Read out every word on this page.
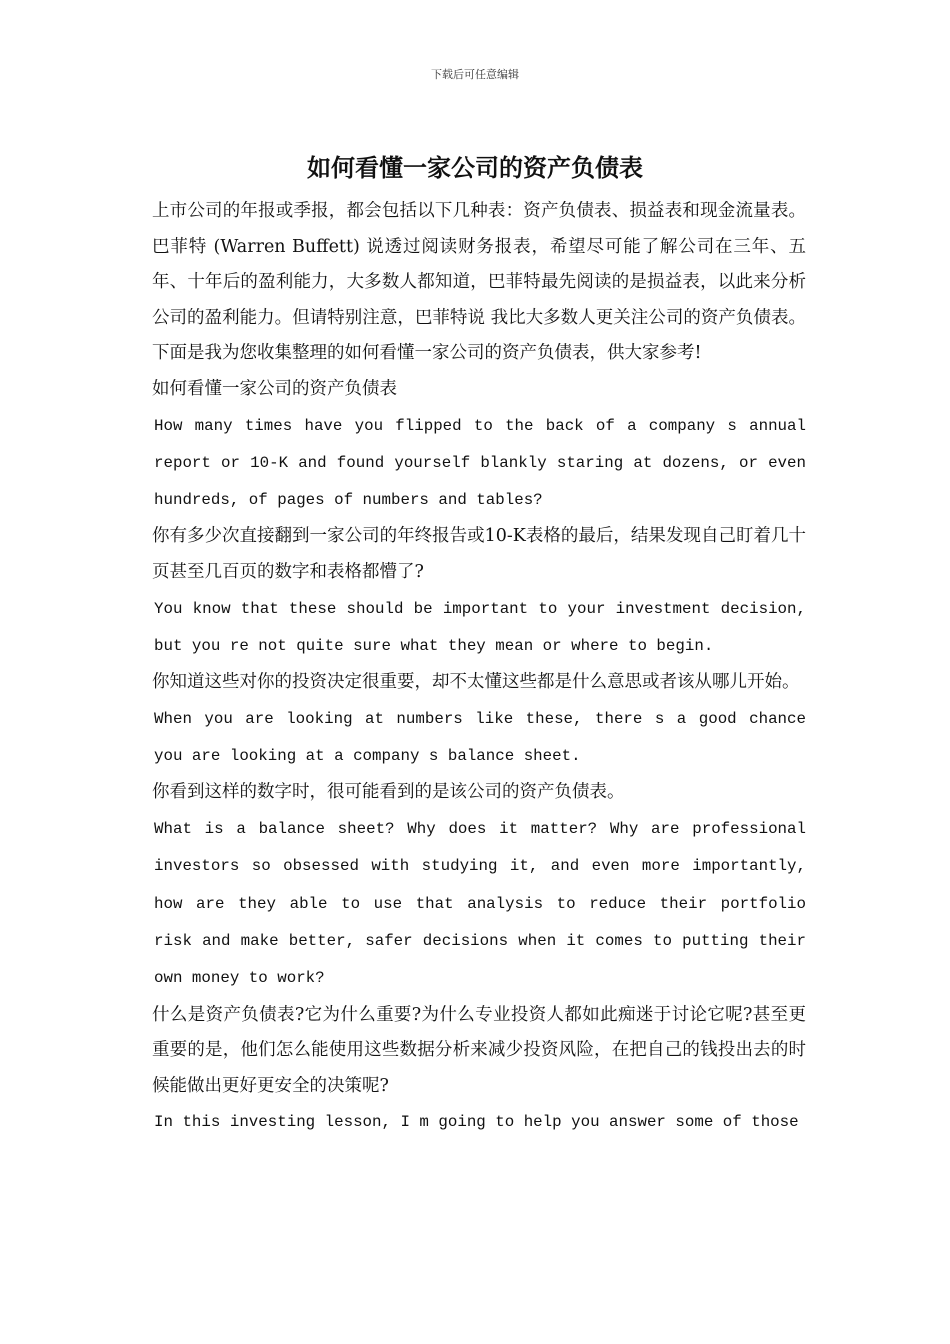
下载后可任意编辑
如何看懂一家公司的资产负债表

上市公司的年报或季报，都会包括以下几种表：资产负债表、损益表和现金流量表。巴菲特 (Warren Buffett) 说透过阅读财务报表，希望尽可能了解公司在三年、五年、十年后的盈利能力，大多数人都知道，巴菲特最先阅读的是损益表，以此来分析公司的盈利能力。但请特别注意，巴菲特说 我比大多数人更关注公司的资产负债表。 下面是我为您收集整理的如何看懂一家公司的资产负债表，供大家参考!

如何看懂一家公司的资产负债表

How many times have you flipped to the back of a company s annual report or 10-K and found yourself blankly staring at dozens, or even hundreds, of pages of numbers and tables?

你有多少次直接翻到一家公司的年终报告或10-K表格的最后，结果发现自己盯着几十页甚至几百页的数字和表格都懵了?

You know that these should be important to your investment decision, but you re not quite sure what they mean or where to begin.

你知道这些对你的投资决定很重要，却不太懂这些都是什么意思或者该从哪儿开始。

When you are looking at numbers like these, there s a good chance you are looking at a company s balance sheet.

你看到这样的数字时，很可能看到的是该公司的资产负债表。

What is a balance sheet? Why does it matter? Why are professional investors so obsessed with studying it, and even more importantly, how are they able to use that analysis to reduce their portfolio risk and make better, safer decisions when it comes to putting their own money to work?

什么是资产负债表?它为什么重要?为什么专业投资人都如此痴迷于讨论它呢?甚至更重要的是，他们怎么能使用这些数据分析来减少投资风险，在把自己的钱投出去的时候能做出更好更安全的决策呢?

In this investing lesson, I m going to help you answer some of those
